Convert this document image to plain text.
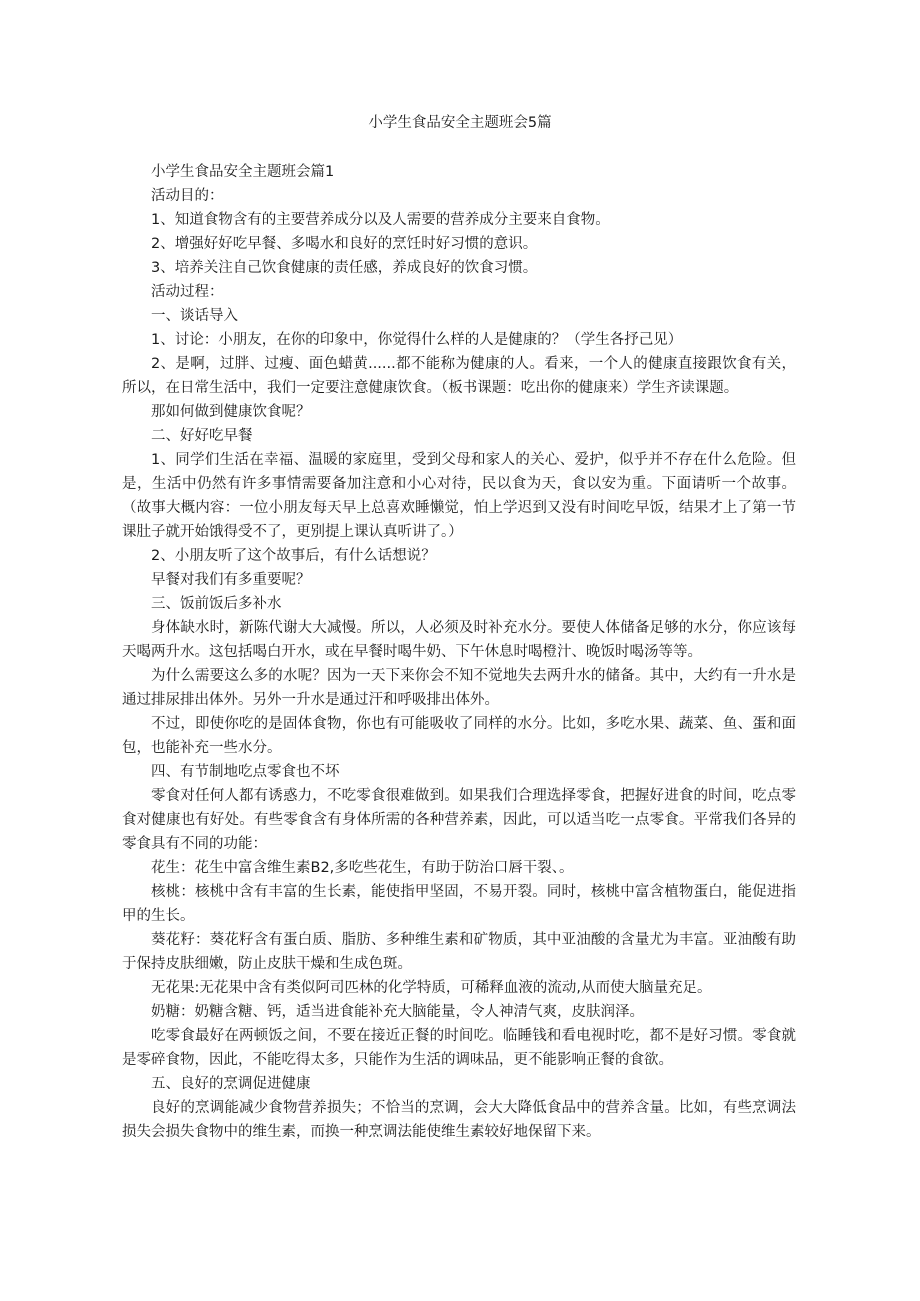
小学生食品安全主题班会5篇

小学生食品安全主题班会篇1

活动目的：

1、知道食物含有的主要营养成分以及人需要的营养成分主要来自食物。

2、增强好好吃早餐、多喝水和良好的烹饪时好习惯的意识。

3、培养关注自己饮食健康的责任感，养成良好的饮食习惯。

活动过程：

一、谈话导入

1、讨论：小朋友，在你的印象中，你觉得什么样的人是健康的？（学生各抒己见）

2、是啊，过胖、过瘦、面色蜡黄......都不能称为健康的人。看来，一个人的健康直接跟饮食有关，所以，在日常生活中，我们一定要注意健康饮食。（板书课题：吃出你的健康来）学生齐读课题。

那如何做到健康饮食呢？

二、好好吃早餐

1、同学们生活在幸福、温暖的家庭里，受到父母和家人的关心、爱护，似乎并不存在什么危险。但是，生活中仍然有许多事情需要备加注意和小心对待，民以食为天，食以安为重。下面请听一个故事。（故事大概内容：一位小朋友每天早上总喜欢睡懒觉，怕上学迟到又没有时间吃早饭，结果才上了第一节课肚子就开始饿得受不了，更别提上课认真听讲了。）

2、小朋友听了这个故事后，有什么话想说？

早餐对我们有多重要呢？

三、饭前饭后多补水

身体缺水时，新陈代谢大大减慢。所以，人必须及时补充水分。要使人体储备足够的水分，你应该每天喝两升水。这包括喝白开水，或在早餐时喝牛奶、下午休息时喝橙汁、晚饭时喝汤等等。

为什么需要这么多的水呢？因为一天下来你会不知不觉地失去两升水的储备。其中，大约有一升水是通过排尿排出体外。另外一升水是通过汗和呼吸排出体外。

不过，即使你吃的是固体食物，你也有可能吸收了同样的水分。比如，多吃水果、蔬菜、鱼、蛋和面包，也能补充一些水分。

四、有节制地吃点零食也不坏

零食对任何人都有诱惑力，不吃零食很难做到。如果我们合理选择零食，把握好进食的时间，吃点零食对健康也有好处。有些零食含有身体所需的各种营养素，因此，可以适当吃一点零食。平常我们各异的零食具有不同的功能：

花生：花生中富含维生素B2,多吃些花生，有助于防治口唇干裂、。

核桃：核桃中含有丰富的生长素，能使指甲坚固，不易开裂。同时，核桃中富含植物蛋白，能促进指甲的生长。

葵花籽：葵花籽含有蛋白质、脂肪、多种维生素和矿物质，其中亚油酸的含量尤为丰富。亚油酸有助于保持皮肤细嫩，防止皮肤干燥和生成色斑。

无花果:无花果中含有类似阿司匹林的化学特质，可稀释血液的流动,从而使大脑量充足。

奶糖：奶糖含糖、钙，适当进食能补充大脑能量，令人神清气爽，皮肤润泽。

吃零食最好在两顿饭之间，不要在接近正餐的时间吃。临睡钱和看电视时吃，都不是好习惯。零食就是零碎食物，因此，不能吃得太多，只能作为生活的调味品，更不能影响正餐的食欲。

五、良好的烹调促进健康

良好的烹调能减少食物营养损失；不恰当的烹调，会大大降低食品中的营养含量。比如，有些烹调法损失会损失食物中的维生素，而换一种烹调法能使维生素较好地保留下来。
